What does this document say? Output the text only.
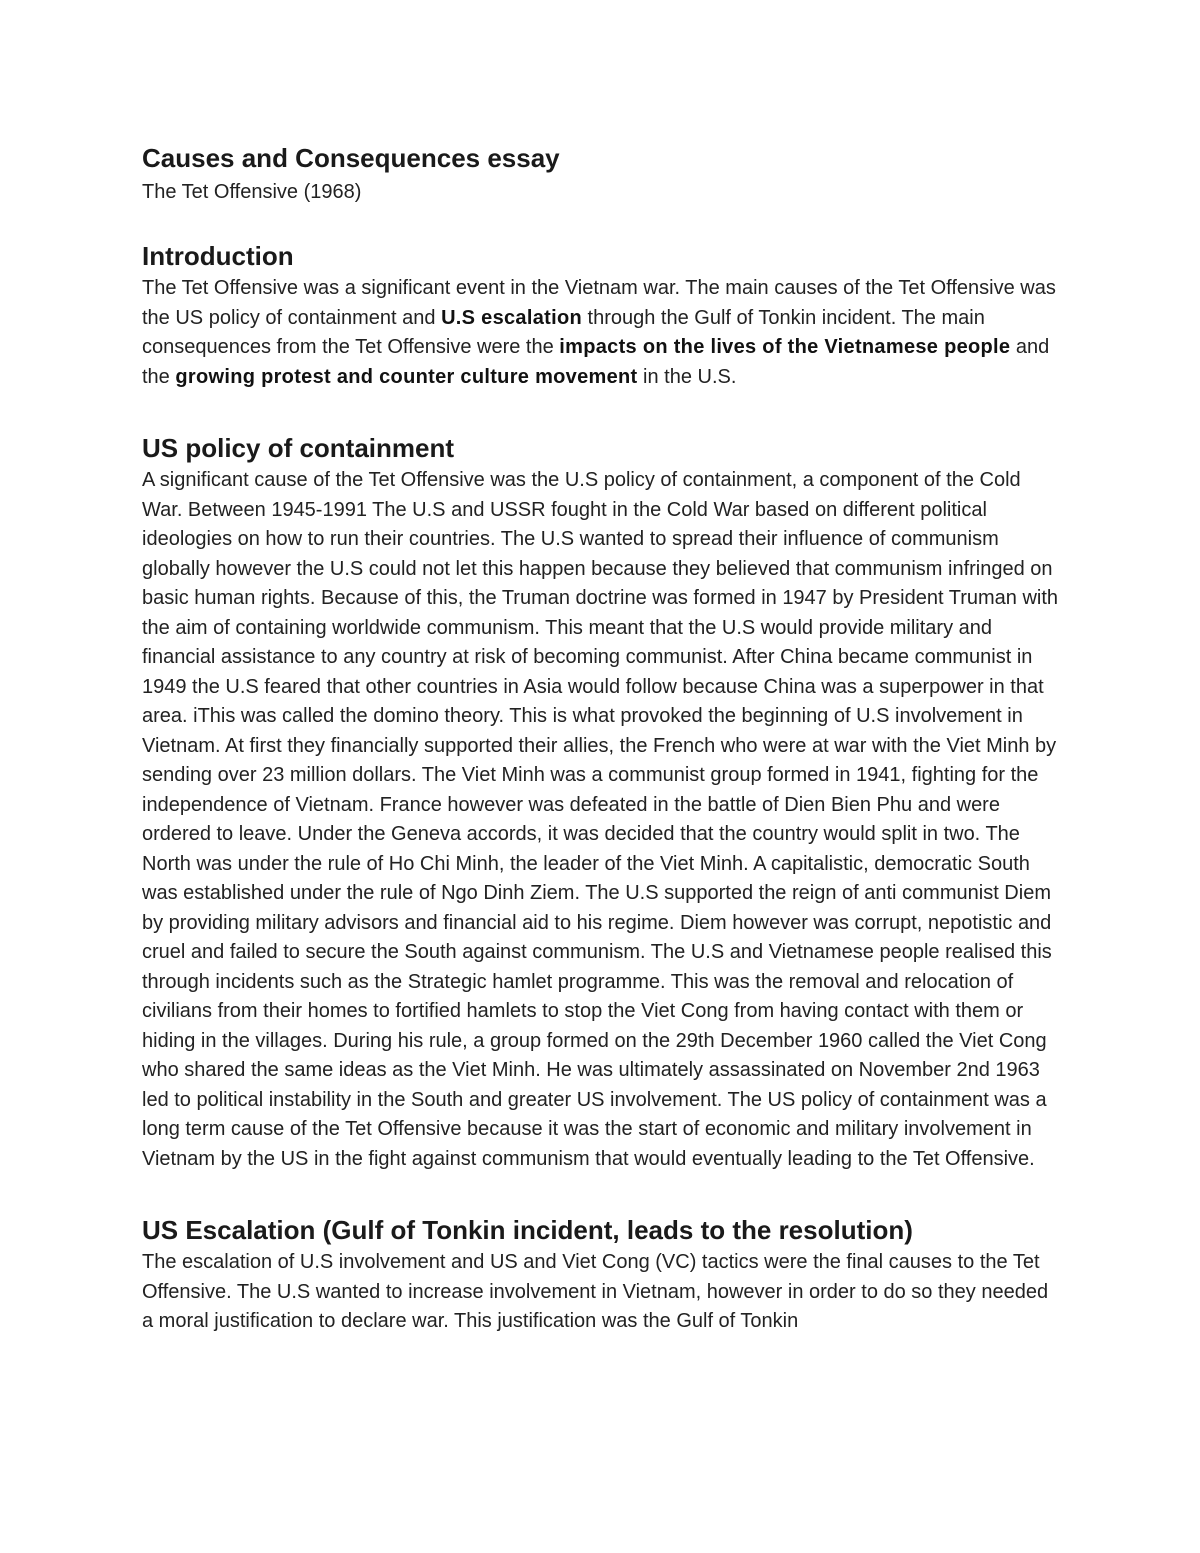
Causes and Consequences essay
The Tet Offensive (1968)
Introduction

The Tet Offensive was a significant event in the Vietnam war. The main causes of the Tet Offensive was the US policy of containment and U.S escalation through the Gulf of Tonkin incident. The main consequences from the Tet Offensive were the impacts on the lives of the Vietnamese people and the growing protest and counter culture movement in the U.S.

US policy of containment

A significant cause of the Tet Offensive was the U.S policy of containment, a component of the Cold War. Between 1945-1991 The U.S and USSR fought in the Cold War based on different political ideologies on how to run their countries. The U.S wanted to spread their influence of communism globally however the U.S could not let this happen because they believed that communism infringed on basic human rights. Because of this, the Truman doctrine was formed in 1947 by President Truman with the aim of containing worldwide communism. This meant that the U.S would provide military and financial assistance to any country at risk of becoming communist. After China became communist in 1949 the U.S feared that other countries in Asia would follow because China was a superpower in that area. iThis was called the domino theory. This is what provoked the beginning of U.S involvement in Vietnam. At first they financially supported their allies, the French who were at war with the Viet Minh by sending over 23 million dollars. The Viet Minh was a communist group formed in 1941, fighting for the independence of Vietnam. France however was defeated in the battle of Dien Bien Phu and were ordered to leave. Under the Geneva accords, it was decided that the country would split in two. The North was under the rule of Ho Chi Minh, the leader of the Viet Minh. A capitalistic, democratic South was established under the rule of Ngo Dinh Ziem. The U.S supported the reign of anti communist Diem by providing military advisors and financial aid to his regime. Diem however was corrupt, nepotistic and cruel and failed to secure the South against communism. The U.S and Vietnamese people realised this through incidents such as the Strategic hamlet programme. This was the removal and relocation of civilians from their homes to fortified hamlets to stop the Viet Cong from having contact with them or hiding in the villages. During his rule, a group formed on the 29th December 1960 called the Viet Cong who shared the same ideas as the Viet Minh. He was ultimately assassinated on November 2nd 1963 led to political instability in the South and greater US involvement. The US policy of containment was a long term cause of the Tet Offensive because it was the start of economic and military involvement in Vietnam by the US in the fight against communism that would eventually leading to the Tet Offensive.

US Escalation (Gulf of Tonkin incident, leads to the resolution)

The escalation of U.S involvement and US and Viet Cong (VC) tactics were the final causes to the Tet Offensive. The U.S wanted to increase involvement in Vietnam, however in order to do so they needed a moral justification to declare war. This justification was the Gulf of Tonkin
